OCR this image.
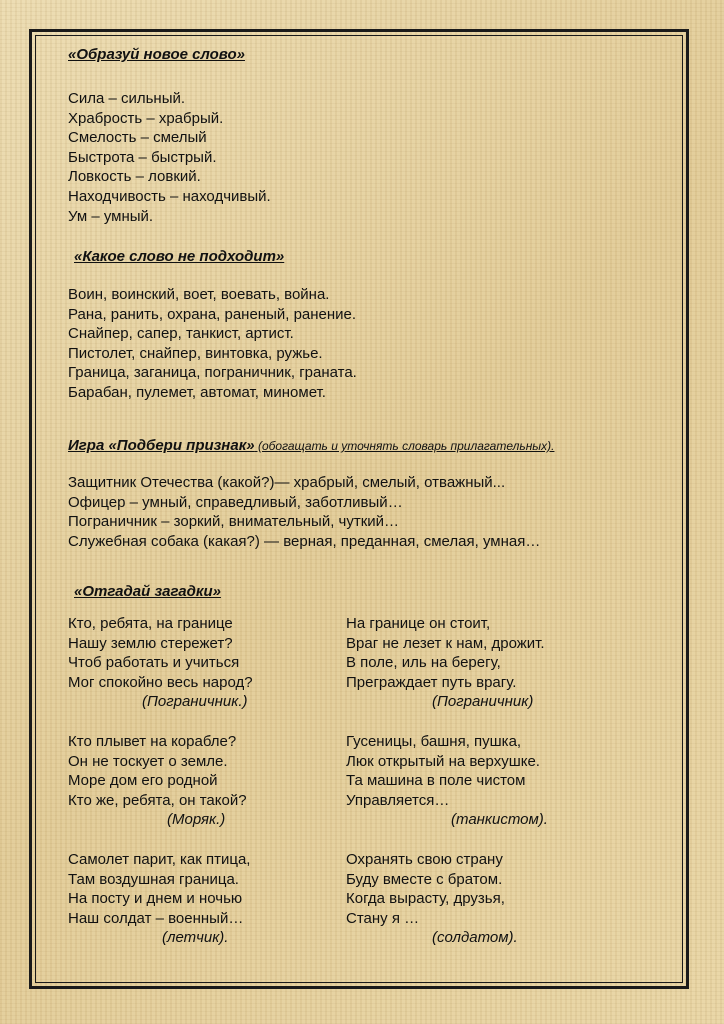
«Образуй новое слово»
Сила – сильный.
Храбрость – храбрый.
Смелость – смелый
Быстрота – быстрый.
Ловкость – ловкий.
Находчивость – находчивый.
Ум – умный.
«Какое слово не подходит»
Воин, воинский, воет, воевать, война.
Рана, ранить, охрана, раненый, ранение.
Снайпер, сапер, танкист, артист.
Пистолет, снайпер, винтовка, ружье.
Граница, заганица, пограничник, граната.
Барабан, пулемет, автомат, миномет.
Игра «Подбери признак» (обогащать и уточнять словарь прилагательных).
Защитник Отечества (какой?)— храбрый, смелый, отважный...
Офицер – умный, справедливый, заботливый…
Пограничник – зоркий, внимательный, чуткий…
Служебная собака (какая?) — верная, преданная, смелая, умная…
«Отгадай загадки»
Кто, ребята, на границе
Нашу землю стережет?
Чтоб работать и учиться
Мог спокойно весь народ?
(Пограничник.)
На границе он стоит,
Враг не лезет к нам, дрожит.
В поле, иль на берегу,
Преграждает путь врагу.
(Пограничник)
Кто плывет на корабле?
Он не тоскует о земле.
Море дом его родной
Кто же, ребята, он такой?
(Моряк.)
Гусеницы, башня, пушка,
Люк открытый на верхушке.
Та машина в поле чистом
Управляется…
(танкистом).
Самолет парит, как птица,
Там воздушная граница.
На посту и днем и ночью
Наш солдат – военный…
(летчик).
Охранять свою страну
Буду вместе с братом.
Когда вырасту, друзья,
Стану я …
(солдатом).
